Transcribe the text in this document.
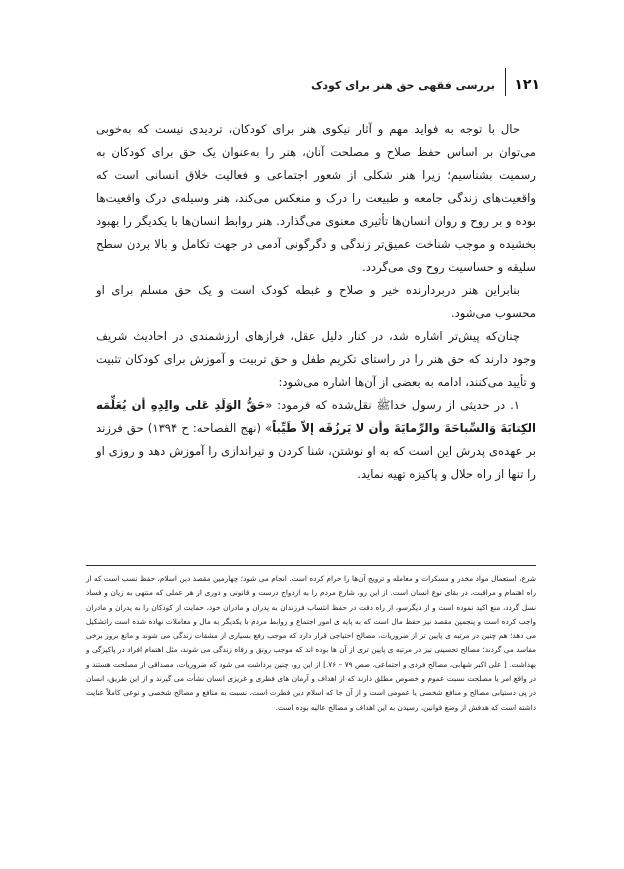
۱۲۱
بررسی فقهی حق هنر برای کودک

حال با توجه به فواید مهم و آثار نیکوی هنر برای کودکان، تردیدی نیست که به‌خوبی می‌توان بر اساس حفظ صلاح و مصلحت آنان، هنر را به‌عنوان یک حق برای کودکان به رسمیت بشناسیم؛ زیرا هنر شکلی از شعور اجتماعی و فعالیت خلاق انسانی است که واقعیت‌های زندگی جامعه و طبیعت را درک و منعکس می‌کند، هنر وسیله‌ی درک واقعیت‌ها بوده و بر روح و روان انسان‌ها تأثیری معنوی می‌گذارد. هنر روابط انسان‌ها با یکدیگر را بهبود بخشیده و موجب شناخت عمیق‌تر زندگی و دگرگونی آدمی در جهت تکامل و بالا بردن سطح سلیقه و حساسیت روح وی می‌گردد.

بنابراین هنر دربردارنده خیر و صلاح و غبطه کودک است و یک حق مسلم برای او محسوب می‌شود.

چنان‌که پیش‌تر اشاره شد، در کنار دلیل عقل، فرازهای ارزشمندی در احادیث شریف وجود دارند که حق هنر را در راستای تکریم طفل و حق تربیت و آموزش برای کودکان تثبیت و تأیید می‌کنند، ادامه به بعضی از آن‌ها اشاره می‌شود:

۱. در حدیثی از رسول خداﷺ نقل‌شده که فرمود: «حَقُّ الوَلَدِ عَلی والِدِهِ أن یُعَلِّمَه الکِتابَةَ وَالسِّباحَةَ والرِّمایَةَ وأن لا یَرزُقَه إلاّ طَیِّباً» (نهج الفصاحه: ح ۱۳۹۴) حق فرزند بر عهده‌ی پدرش این است که به او نوشتن، شنا کردن و تیراندازی را آموزش دهد و روزی او را تنها از راه حلال و پاکیزه تهیه نماید.

شرع، استعمال مواد مخدر و مسکرات و معامله و ترویج آن‌ها را حرام کرده است. انجام می شود؛ چهارمین مقصد دین اسلام، حفظ نسب است که از راه اهتمام و مراقبت، در بقای نوع انسان است. از این رو، شارع مردم را به ازدواج درست و قانونی و دوری از هر عملی که منتهی به زیان و فساد نسل گردد، منع اکید نموده است و از دیگرسو، از راه دقت در حفظ انتساب فرزندان به پدران و مادران خود، حمایت از کودکان را به پدران و مادران واجب کرده است و پنجمین مقصد نیز حفظ مال است که به پایه ی امور اجتماع و روابط مردم با یکدیگر به مال و معاملات نهاده شده است راتشکیل می دهد؛ هم چنین در مرتبه ی پایین تر از ضروریات، مصالح احتیاجی قرار دارد که موجب رفع بسیاری از مشقات زندگی می شوند و مانع بروز برخی مفاسد می گردند؛ مصالح تحسینی نیز در مرتبه ی پایین تری از آن ها بوده اند که موجب رونق و رفاه زندگی می شوند، مثل اهتمام افراد در پاکیزگی و بهداشت. [ علی اکبر شهابی، مصالح فردی و اجتماعی، صص ۷۹ – ۷۶.] از این رو، چنین برداشت می شود که ضروریات، مصداقی از مصلحت هستند و در واقع امر یا مصلحت نسبت عموم و خصوص مطلق دارند که از اهداف و آرمان های فطری و غریزی انسان نشأت می گیرند و از این طریق، انسان در پی دستیابی مصالح و منافع شخصی یا عمومی است و از آن جا که اسلام دین فطرت است، نسبت به منافع و مصالح شخصی و نوعی کاملاً عنایت داشته است که هدفش از وضع قوانین، رسیدن به این اهداف و مصالح عالیه بوده است.
